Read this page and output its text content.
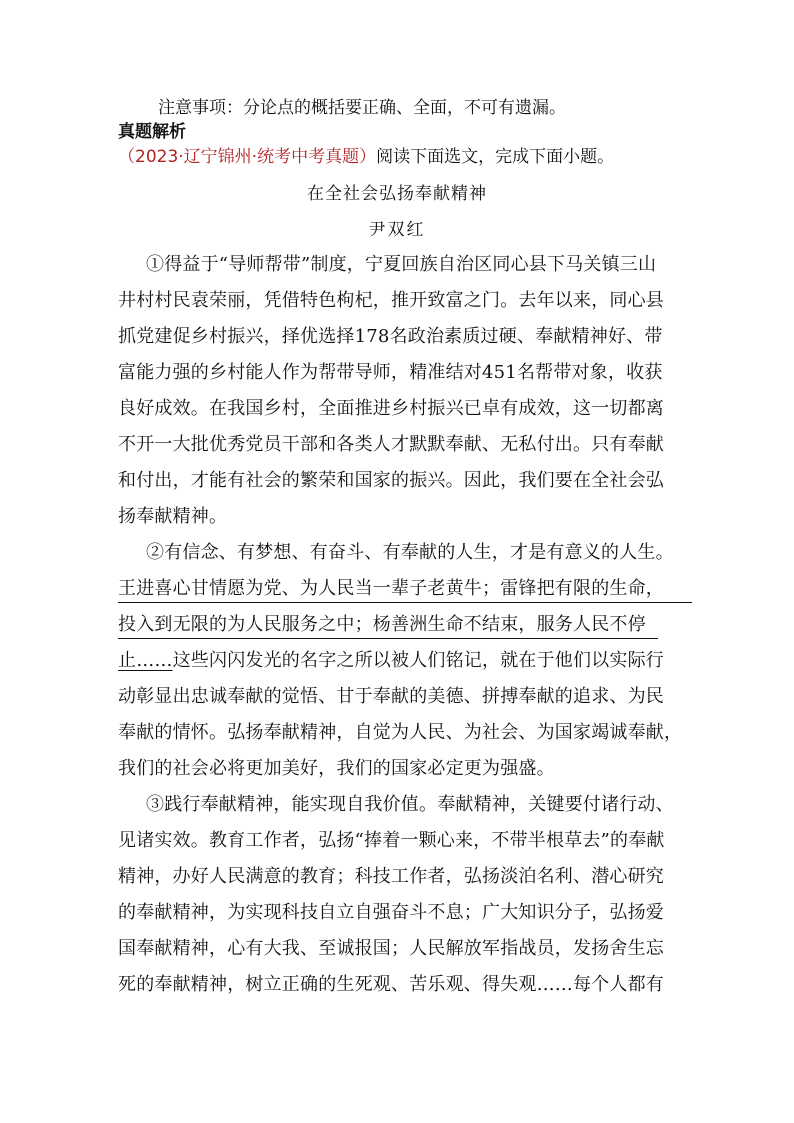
注意事项：分论点的概括要正确、全面，不可有遗漏。
真题解析
（2023·辽宁锦州·统考中考真题）阅读下面选文，完成下面小题。
在全社会弘扬奉献精神
尹双红
①得益于“导师帮带”制度，宁夏回族自治区同心县下马关镇三山
井村村民袁荣丽，凭借特色枸杞，推开致富之门。去年以来，同心县
抓党建促乡村振兴，择优选择178名政治素质过硬、奉献精神好、带
富能力强的乡村能人作为帮带导师，精准结对451名帮带对象，收获
良好成效。在我国乡村，全面推进乡村振兴已卓有成效，这一切都离
不开一大批优秀党员干部和各类人才默默奉献、无私付出。只有奉献
和付出，才能有社会的繁荣和国家的振兴。因此，我们要在全社会弘
扬奉献精神。
②有信念、有梦想、有奋斗、有奉献的人生，才是有意义的人生。
王进喜心甘情愿为党、为人民当一辈子老黄牛；雷锋把有限的生命，
投入到无限的为人民服务之中；杨善洲生命不结束，服务人民不停
止……这些闪闪发光的名字之所以被人们铭记，就在于他们以实际行
动彰显出忠诚奉献的觉悟、甘于奉献的美德、拼搏奉献的追求、为民
奉献的情怀。弘扬奉献精神，自觉为人民、为社会、为国家竭诚奉献，
我们的社会必将更加美好，我们的国家必定更为强盛。
③践行奉献精神，能实现自我价值。奉献精神，关键要付诸行动、
见诸实效。教育工作者，弘扬“捧着一颗心来，不带半根草去”的奉献
精神，办好人民满意的教育；科技工作者，弘扬淡泊名利、潜心研究
的奉献精神，为实现科技自立自强奋斗不息；广大知识分子，弘扬爱
国奉献精神，心有大我、至诚报国；人民解放军指战员，发扬舍生忘
死的奉献精神，树立正确的生死观、苦乐观、得失观……每个人都有
